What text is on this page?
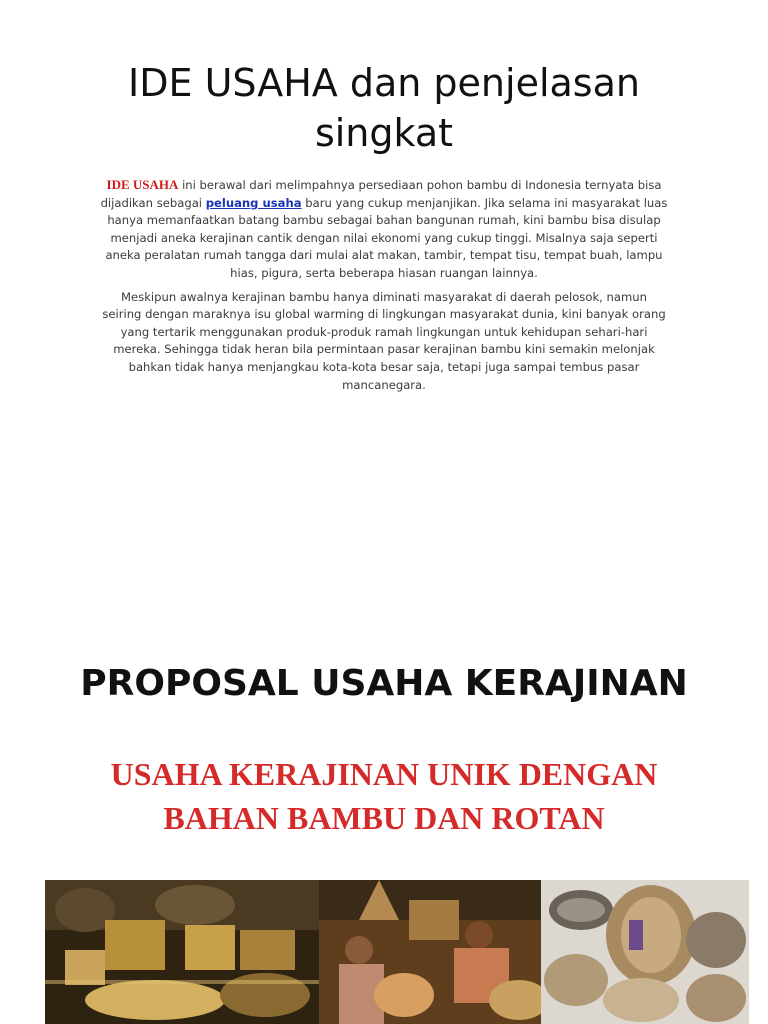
IDE USAHA dan penjelasan singkat

IDE USAHA ini berawal dari melimpahnya persediaan pohon bambu di Indonesia ternyata bisa dijadikan sebagai peluang usaha baru yang cukup menjanjikan. Jika selama ini masyarakat luas hanya memanfaatkan batang bambu sebagai bahan bangunan rumah, kini bambu bisa disulap menjadi aneka kerajinan cantik dengan nilai ekonomi yang cukup tinggi. Misalnya saja seperti aneka peralatan rumah tangga dari mulai alat makan, tambir, tempat tisu, tempat buah, lampu hias, pigura, serta beberapa hiasan ruangan lainnya.

Meskipun awalnya kerajinan bambu hanya diminati masyarakat di daerah pelosok, namun seiring dengan maraknya isu global warming di lingkungan masyarakat dunia, kini banyak orang yang tertarik menggunakan produk-produk ramah lingkungan untuk kehidupan sehari-hari mereka. Sehingga tidak heran bila permintaan pasar kerajinan bambu kini semakin melonjak bahkan tidak hanya menjangkau kota-kota besar saja, tetapi juga sampai tembus pasar mancanegara.

PROPOSAL USAHA KERAJINAN
USAHA KERAJINAN UNIK DENGAN BAHAN BAMBU DAN ROTAN
